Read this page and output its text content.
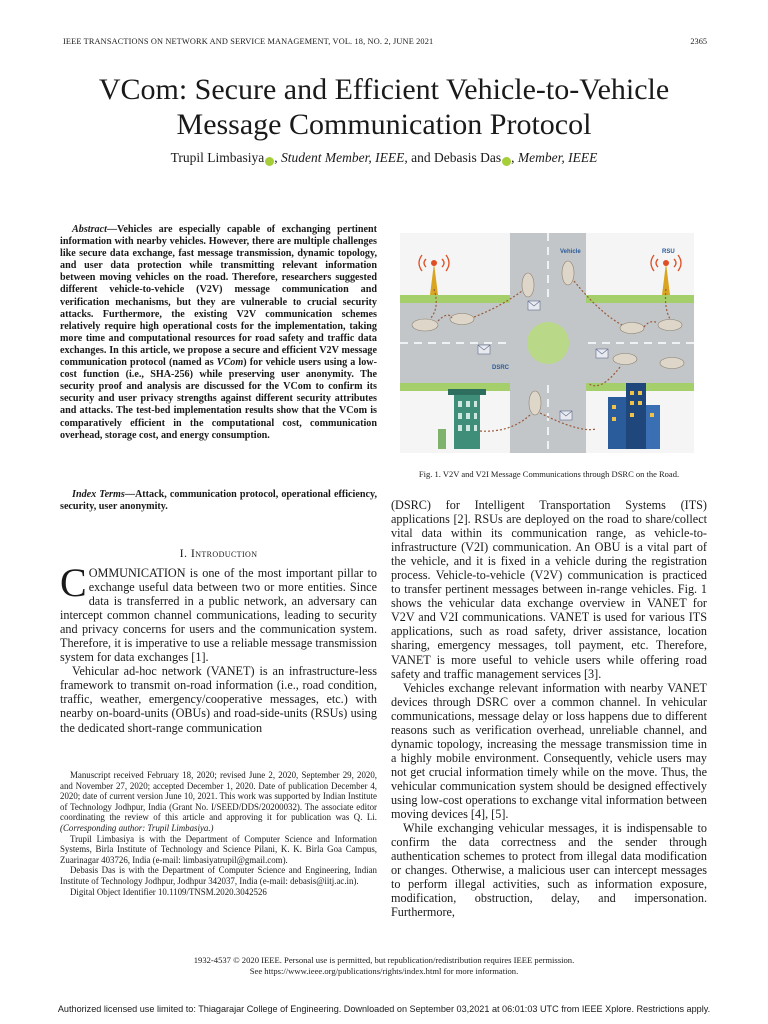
IEEE TRANSACTIONS ON NETWORK AND SERVICE MANAGEMENT, VOL. 18, NO. 2, JUNE 2021	2365
VCom: Secure and Efficient Vehicle-to-Vehicle
Message Communication Protocol
Trupil Limbasiya , Student Member, IEEE, and Debasis Das , Member, IEEE
Abstract—Vehicles are especially capable of exchanging pertinent information with nearby vehicles. However, there are multiple challenges like secure data exchange, fast message transmission, dynamic topology, and user data protection while transmitting relevant information between moving vehicles on the road. Therefore, researchers suggested different vehicle-to-vehicle (V2V) message communication and verification mechanisms, but they are vulnerable to crucial security attacks. Furthermore, the existing V2V communication schemes relatively require high operational costs for the implementation, taking more time and computational resources for road safety and traffic data exchanges. In this article, we propose a secure and efficient V2V message communication protocol (named as VCom) for vehicle users using a low-cost function (i.e., SHA-256) while preserving user anonymity. The security proof and analysis are discussed for the VCom to confirm its security and user privacy strengths against different security attributes and attacks. The test-bed implementation results show that the VCom is comparatively efficient in the computational cost, communication overhead, storage cost, and energy consumption.
Index Terms—Attack, communication protocol, operational efficiency, security, user anonymity.
I. Introduction

COMMUNICATION is one of the most important pillar to exchange useful data between two or more entities. Since data is transferred in a public network, an adversary can intercept common channel communications, leading to security and privacy concerns for users and the communication system. Therefore, it is imperative to use a reliable message transmission system for data exchanges [1].

Vehicular ad-hoc network (VANET) is an infrastructure-less framework to transmit on-road information (i.e., road condition, traffic, weather, emergency/cooperative messages, etc.) with nearby on-board-units (OBUs) and road-side-units (RSUs) using the dedicated short-range communication

Manuscript received February 18, 2020; revised June 2, 2020, September 29, 2020, and November 27, 2020; accepted December 1, 2020. Date of publication December 4, 2020; date of current version June 10, 2021. This work was supported by Indian Institute of Technology Jodhpur, India (Grant No. I/SEED/DDS/20200032). The associate editor coordinating the review of this article and approving it for publication was Q. Li. (Corresponding author: Trupil Limbasiya.)

Trupil Limbasiya is with the Department of Computer Science and Information Systems, Birla Institute of Technology and Science Pilani, K. K. Birla Goa Campus, Zuarinagar 403726, India (e-mail: limbasiyatrupil@gmail.com).

Debasis Das is with the Department of Computer Science and Engineering, Indian Institute of Technology Jodhpur, Jodhpur 342037, India (e-mail: debasis@iitj.ac.in).

Digital Object Identifier 10.1109/TNSM.2020.3042526

Vehicle	RSU
DSRC
Fig. 1. V2V and V2I Message Communications through DSRC on the Road.

(DSRC) for Intelligent Transportation Systems (ITS) applications [2]. RSUs are deployed on the road to share/collect vital data within its communication range, as vehicle-to-infrastructure (V2I) communication. An OBU is a vital part of the vehicle, and it is fixed in a vehicle during the registration process. Vehicle-to-vehicle (V2V) communication is practiced to transfer pertinent messages between in-range vehicles. Fig. 1 shows the vehicular data exchange overview in VANET for V2V and V2I communications. VANET is used for various ITS applications, such as road safety, driver assistance, location sharing, emergency messages, toll payment, etc. Therefore, VANET is more useful to vehicle users while offering road safety and traffic management services [3].

Vehicles exchange relevant information with nearby VANET devices through DSRC over a common channel. In vehicular communications, message delay or loss happens due to different reasons such as verification overhead, unreliable channel, and dynamic topology, increasing the message transmission time in a highly mobile environment. Consequently, vehicle users may not get crucial information timely while on the move. Thus, the vehicular communication system should be designed effectively using low-cost operations to exchange vital information between moving devices [4], [5].

While exchanging vehicular messages, it is indispensable to confirm the data correctness and the sender through authentication schemes to protect from illegal data modification or changes. Otherwise, a malicious user can intercept messages to perform illegal activities, such as information exposure, modification, obstruction, delay, and impersonation. Furthermore,

1932-4537 © 2020 IEEE. Personal use is permitted, but republication/redistribution requires IEEE permission.
See https://www.ieee.org/publications/rights/index.html for more information.
Authorized licensed use limited to: Thiagarajar College of Engineering. Downloaded on September 03,2021 at 06:01:03 UTC from IEEE Xplore. Restrictions apply.
